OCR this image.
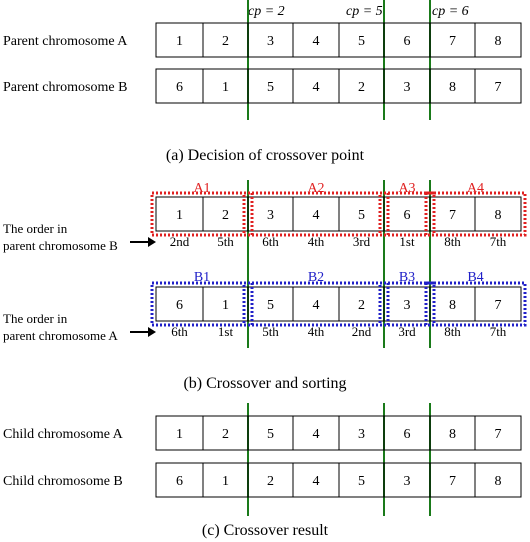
cp = 2	cp = 5	cp = 6
Parent chromosome A	1	2	3	4	5	6	7	8
Parent chromosome B	6	1	5	4	2	3	8	7
(a) Decision of crossover point
1	2	3	4	5	6	7	8
A1	A2	A3	A4
2nd 5th 6th 4th 3rd 1st 8th 7th
The order in
parent chromosome B
6	1	5	4	2	3	8	7
B1	B2	B3	B4
6th 1st 5th 4th 2nd 3rd 8th 7th
The order in
parent chromosome A
(b) Crossover and sorting
Child chromosome A	1	2	5	4	3	6	8	7
Child chromosome B	6	1	2	4	5	3	7	8
(c) Crossover result
